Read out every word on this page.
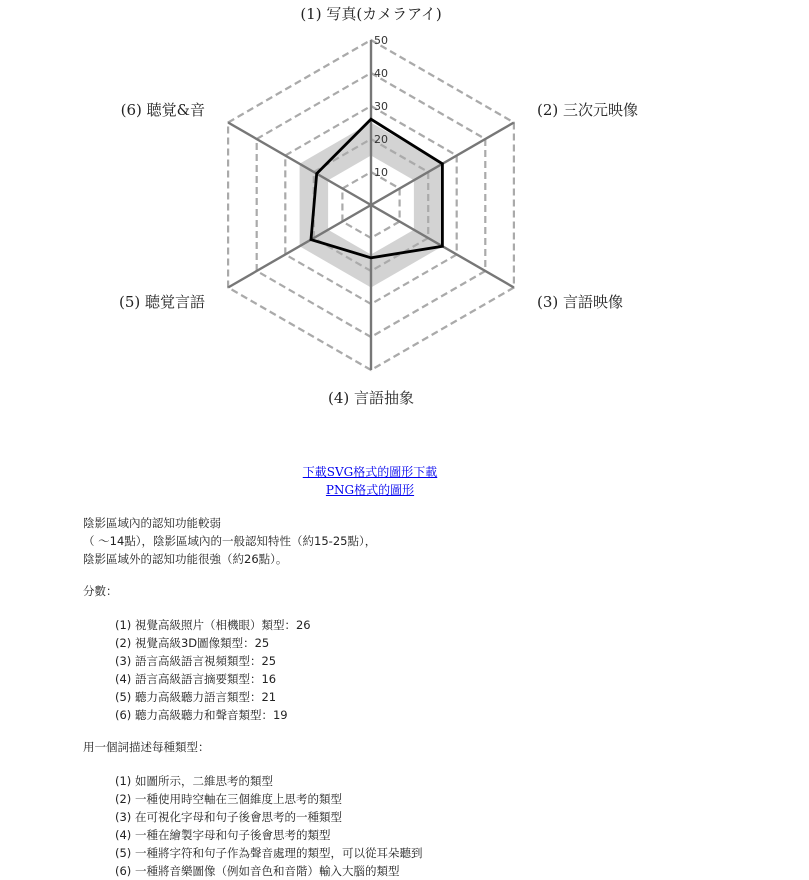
10
20
30
40
50
(1) 写真(カメラアイ)
(2) 三次元映像
(3) 言語映像
(4) 言語抽象
(5) 聴覚言語
(6) 聴覚&音
下載SVG格式的圖形下載
PNG格式的圖形

陰影區域內的認知功能較弱

（ ～14點），陰影區域內的一般認知特性（約15-25點），

陰影區域外的認知功能很強（約26點）。

分數：

(1) 視覺高級照片（相機眼）類型：26
(2) 視覺高級3D圖像類型：25
(3) 語言高級語言視頻類型：25
(4) 語言高級語言摘要類型：16
(5) 聽力高級聽力語言類型：21
(6) 聽力高級聽力和聲音類型：19

用一個詞描述每種類型：

(1) 如圖所示，二維思考的類型
(2) 一種使用時空軸在三個維度上思考的類型
(3) 在可視化字母和句子後會思考的一種類型
(4) 一種在繪製字母和句子後會思考的類型
(5) 一種將字符和句子作為聲音處理的類型，可以從耳朵聽到
(6) 一種將音樂圖像（例如音色和音階）輸入大腦的類型
